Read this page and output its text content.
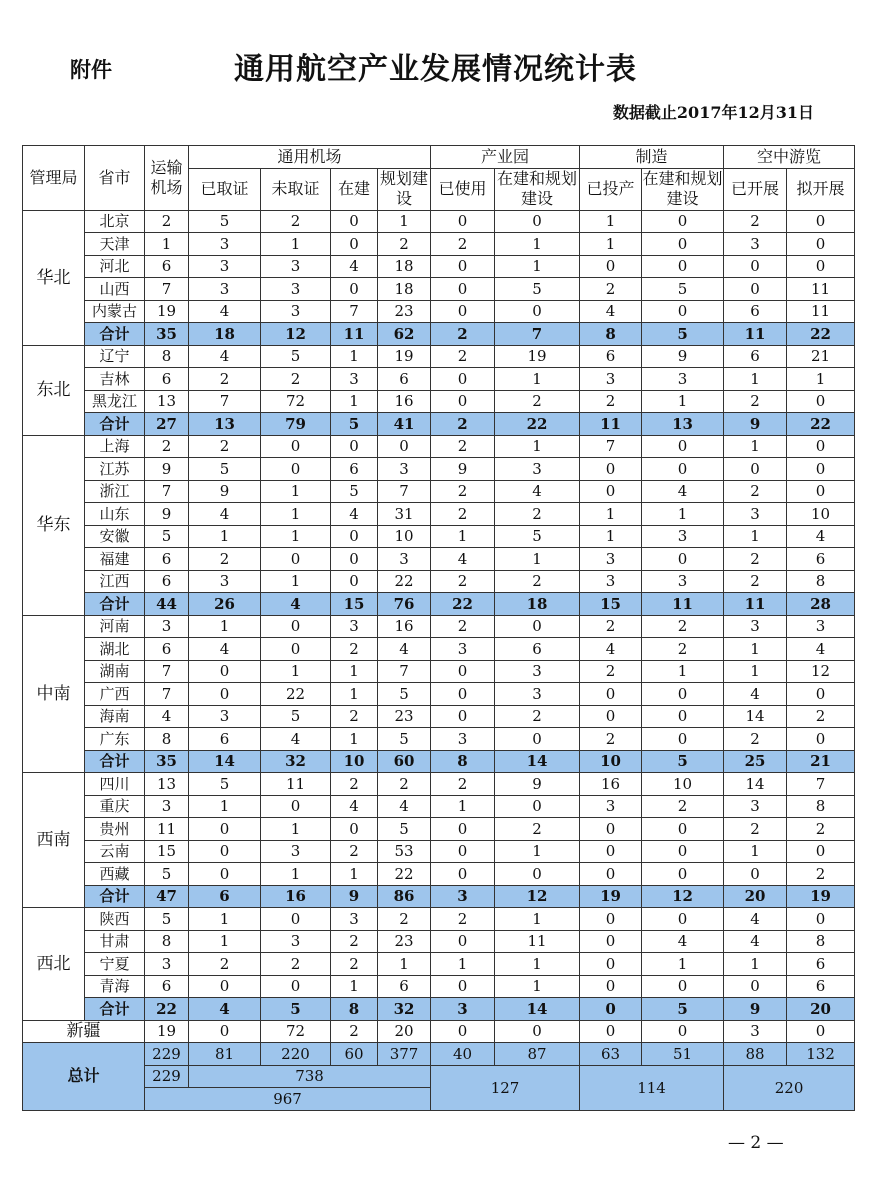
附件	通用航空产业发展情况统计表
数据截止2017年12月31日
管理局	省市	运输机场	通用机场				产业园		制造		空中游览	
			已取证	未取证	在建	规划建设	已使用	在建和规划建设	已投产	在建和规划建设	已开展	拟开展
华北	北京	2	5	2	0	1	0	0	1	0	2	0
	天津	1	3	1	0	2	2	1	1	0	3	0
	河北	6	3	3	4	18	0	1	0	0	0	0
	山西	7	3	3	0	18	0	5	2	5	0	11
	内蒙古	19	4	3	7	23	0	0	4	0	6	11
	合计	35	18	12	11	62	2	7	8	5	11	22
东北	辽宁	8	4	5	1	19	2	19	6	9	6	21
	吉林	6	2	2	3	6	0	1	3	3	1	1
	黑龙江	13	7	72	1	16	0	2	2	1	2	0
	合计	27	13	79	5	41	2	22	11	13	9	22
华东	上海	2	2	0	0	0	2	1	7	0	1	0
	江苏	9	5	0	6	3	9	3	0	0	0	0
	浙江	7	9	1	5	7	2	4	0	4	2	0
	山东	9	4	1	4	31	2	2	1	1	3	10
	安徽	5	1	1	0	10	1	5	1	3	1	4
	福建	6	2	0	0	3	4	1	3	0	2	6
	江西	6	3	1	0	22	2	2	3	3	2	8
	合计	44	26	4	15	76	22	18	15	11	11	28
中南	河南	3	1	0	3	16	2	0	2	2	3	3
	湖北	6	4	0	2	4	3	6	4	2	1	4
	湖南	7	0	1	1	7	0	3	2	1	1	12
	广西	7	0	22	1	5	0	3	0	0	4	0
	海南	4	3	5	2	23	0	2	0	0	14	2
	广东	8	6	4	1	5	3	0	2	0	2	0
	合计	35	14	32	10	60	8	14	10	5	25	21
西南	四川	13	5	11	2	2	2	9	16	10	14	7
	重庆	3	1	0	4	4	1	0	3	2	3	8
	贵州	11	0	1	0	5	0	2	0	0	2	2
	云南	15	0	3	2	53	0	1	0	0	1	0
	西藏	5	0	1	1	22	0	0	0	0	0	2
	合计	47	6	16	9	86	3	12	19	12	20	19
西北	陕西	5	1	0	3	2	2	1	0	0	4	0
	甘肃	8	1	3	2	23	0	11	0	4	4	8
	宁夏	3	2	2	2	1	1	1	0	1	1	6
	青海	6	0	0	1	6	0	1	0	0	0	6
	合计	22	4	5	8	32	3	14	0	5	9	20
新疆		19	0	72	2	20	0	0	0	0	3	0
总计		229	81	220	60	377	40	87	63	51	88	132
		229	738				127		114		220	
		967										
— 2 —
